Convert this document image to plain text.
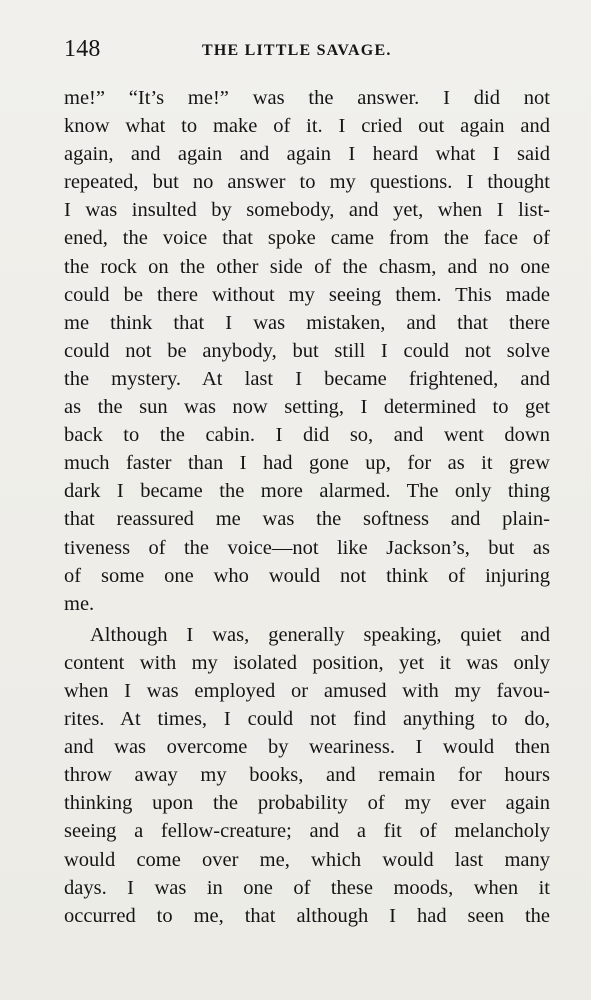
148	THE LITTLE SAVAGE.
me!” “It’s me!” was the answer. I did not
know what to make of it. I cried out again and
again, and again and again I heard what I said
repeated, but no answer to my questions. I thought
I was insulted by somebody, and yet, when I list-
ened, the voice that spoke came from the face of
the rock on the other side of the chasm, and no one
could be there without my seeing them. This made
me think that I was mistaken, and that there
could not be anybody, but still I could not solve
the mystery. At last I became frightened, and
as the sun was now setting, I determined to get
back to the cabin. I did so, and went down
much faster than I had gone up, for as it grew
dark I became the more alarmed. The only thing
that reassured me was the softness and plain-
tiveness of the voice—not like Jackson’s, but as
of some one who would not think of injuring
me.
Although I was, generally speaking, quiet and
content with my isolated position, yet it was only
when I was employed or amused with my favou-
rites. At times, I could not find anything to do,
and was overcome by weariness. I would then
throw away my books, and remain for hours
thinking upon the probability of my ever again
seeing a fellow-creature; and a fit of melancholy
would come over me, which would last many
days. I was in one of these moods, when it
occurred to me, that although I had seen the
